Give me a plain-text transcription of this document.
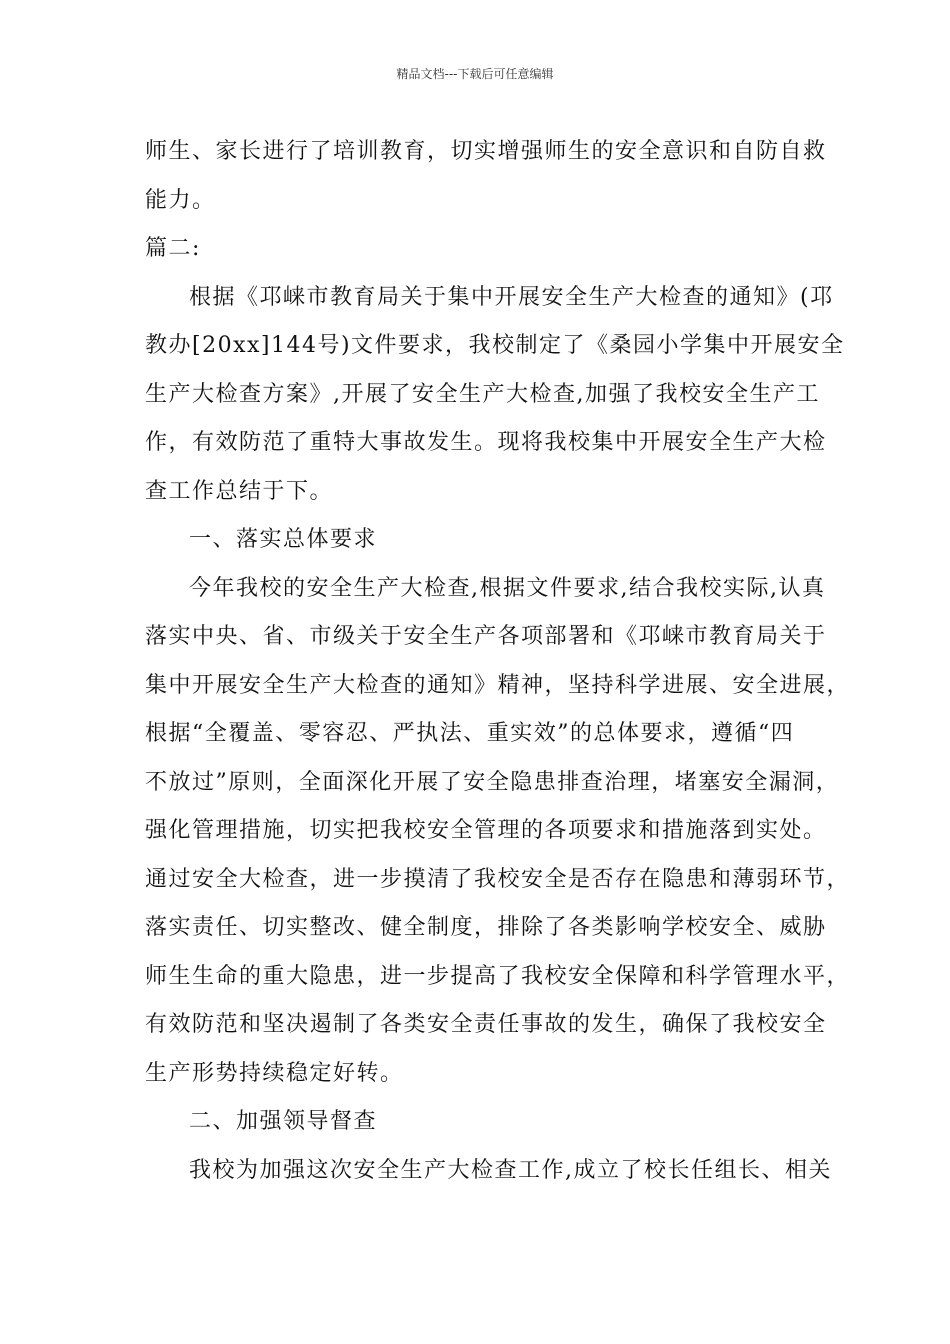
精品文档---下载后可任意编辑
师生、家长进行了培训教育，切实增强师生的安全意识和自防自救
能力。
篇二:
根据《邛崃市教育局关于集中开展安全生产大检查的通知》(邛
教办[20xx]144号)文件要求，我校制定了《桑园小学集中开展安全
生产大检查方案》,开展了安全生产大检查,加强了我校安全生产工
作，有效防范了重特大事故发生。现将我校集中开展安全生产大检
查工作总结于下。
一、落实总体要求
今年我校的安全生产大检查,根据文件要求,结合我校实际,认真
落实中央、省、市级关于安全生产各项部署和《邛崃市教育局关于
集中开展安全生产大检查的通知》精神，坚持科学进展、安全进展，
根据“全覆盖、零容忍、严执法、重实效”的总体要求，遵循“四
不放过”原则，全面深化开展了安全隐患排查治理，堵塞安全漏洞，
强化管理措施，切实把我校安全管理的各项要求和措施落到实处。
通过安全大检查，进一步摸清了我校安全是否存在隐患和薄弱环节，
落实责任、切实整改、健全制度，排除了各类影响学校安全、威胁
师生生命的重大隐患，进一步提高了我校安全保障和科学管理水平，
有效防范和坚决遏制了各类安全责任事故的发生，确保了我校安全
生产形势持续稳定好转。
二、加强领导督查
我校为加强这次安全生产大检查工作,成立了校长任组长、相关
